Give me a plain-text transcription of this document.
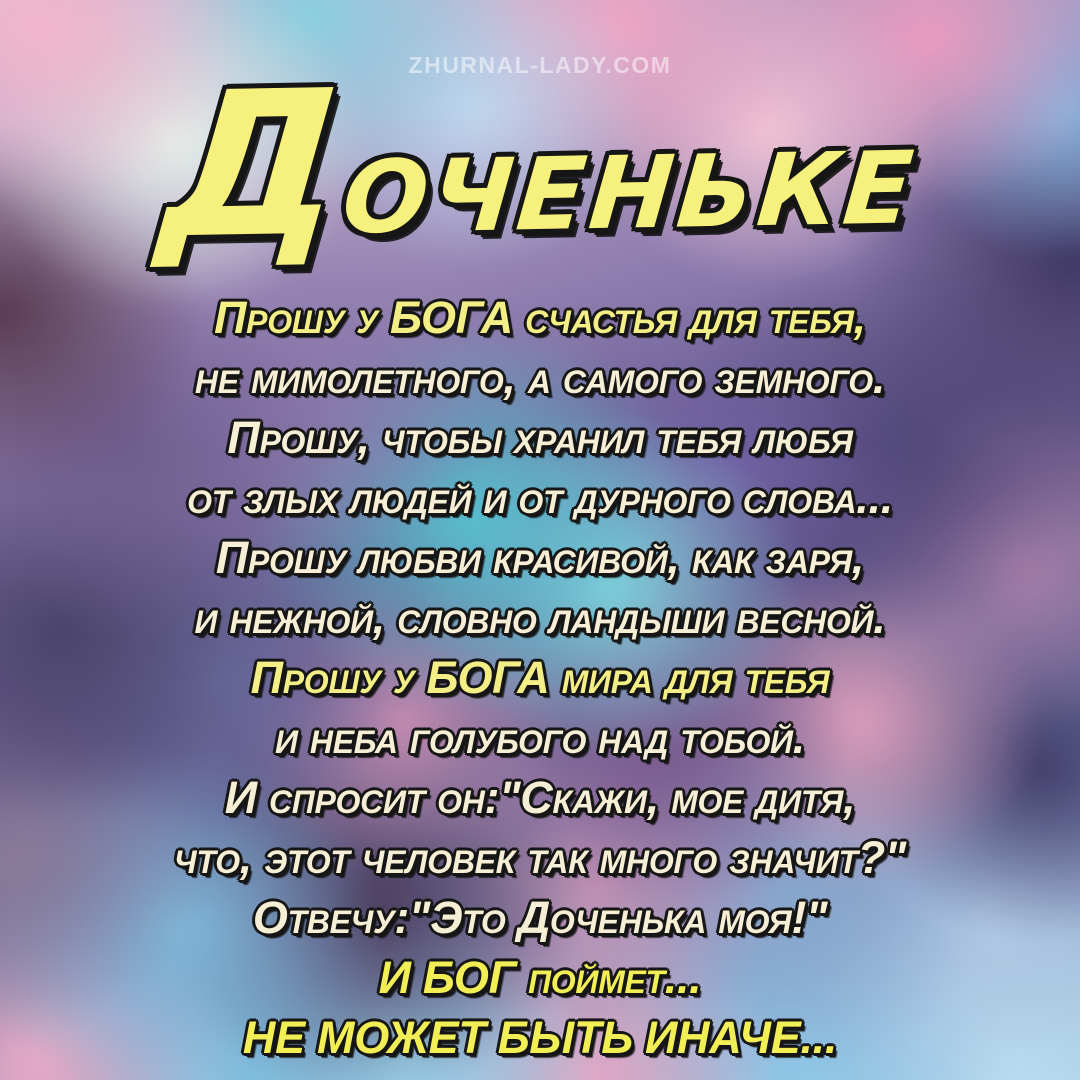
ZHURNAL-LADY.COM
ДОЧЕНЬКЕ
Прошу у БОГА счастья для тебя,
не мимолетного, а самого земного.
Прошу, чтобы хранил тебя любя
от злых людей и от дурного слова...
Прошу любви красивой, как заря,
и нежной, словно ландыши весной.
Прошу у БОГА мира для тебя
и неба голубого над тобой.
И спросит он:"Скажи, мое дитя,
что, этот человек так много значит?"
Отвечу:"Это Доченька моя!"
И БОГ поймет...
НЕ МОЖЕТ БЫТЬ ИНАЧЕ...
